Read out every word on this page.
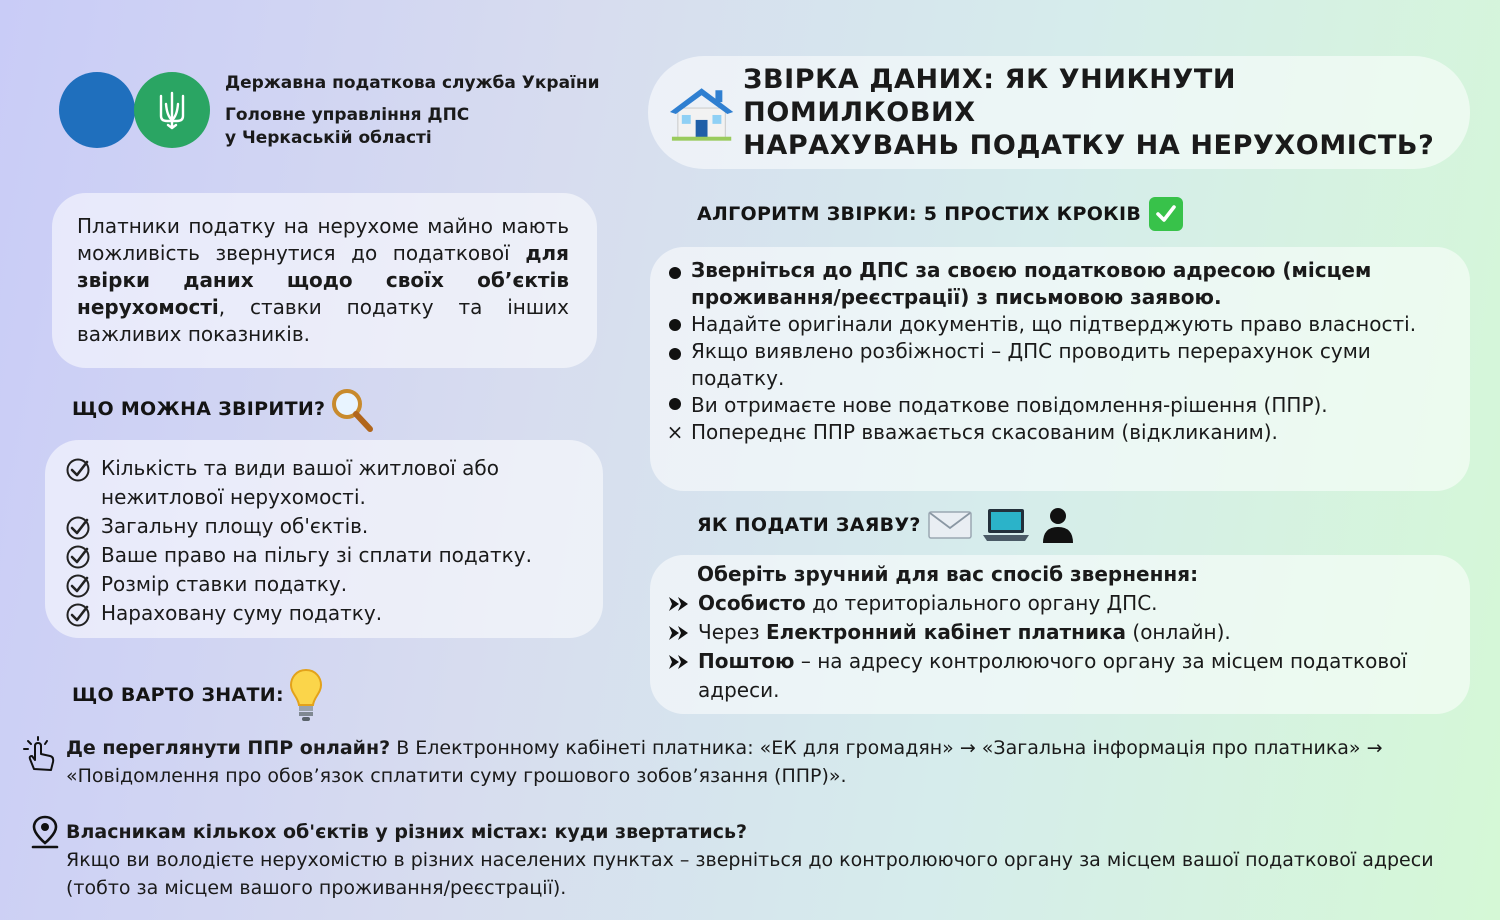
Державна податкова служба України
Головне управління ДПС
у Черкаській області
ЗВІРКА ДАНИХ: ЯК УНИКНУТИ ПОМИЛКОВИХ
НАРАХУВАНЬ ПОДАТКУ НА НЕРУХОМІСТЬ?

Платники податку на нерухоме майно мають можливість звернутися до податкової для звірки даних щодо своїх об’єктів нерухомості, ставки податку та інших важливих показників.

ЩО МОЖНА ЗВІРИТИ?
Кількість та види вашої житлової або нежитлової нерухомості.
Загальну площу об'єктів.
Ваше право на пільгу зі сплати податку.
Розмір ставки податку.
Нараховану суму податку.
АЛГОРИТМ ЗВІРКИ: 5 ПРОСТИХ КРОКІВ
Зверніться до ДПС за своєю податковою адресою (місцем проживання/реєстрації) з письмовою заявою.
Надайте оригінали документів, що підтверджують право власності.
Якщо виявлено розбіжності – ДПС проводить перерахунок суми податку.
Ви отримаєте нове податкове повідомлення-рішення (ППР).
× Попереднє ППР вважається скасованим (відкликаним).
ЯК ПОДАТИ ЗАЯВУ?
Оберіть зручний для вас спосіб звернення:
Особисто до територіального органу ДПС.
Через Електронний кабінет платника (онлайн).
Поштою – на адресу контролюючого органу за місцем податкової адреси.
ЩО ВАРТО ЗНАТИ:
Де переглянути ППР онлайн? В Електронному кабінеті платника: «ЕК для громадян» → «Загальна інформація про платника» → «Повідомлення про обов’язок сплатити суму грошового зобов’язання (ППР)».
Власникам кількох об'єктів у різних містах: куди звертатись?
Якщо ви володієте нерухомістю в різних населених пунктах – зверніться до контролюючого органу за місцем вашої податкової адреси (тобто за місцем вашого проживання/реєстрації).
